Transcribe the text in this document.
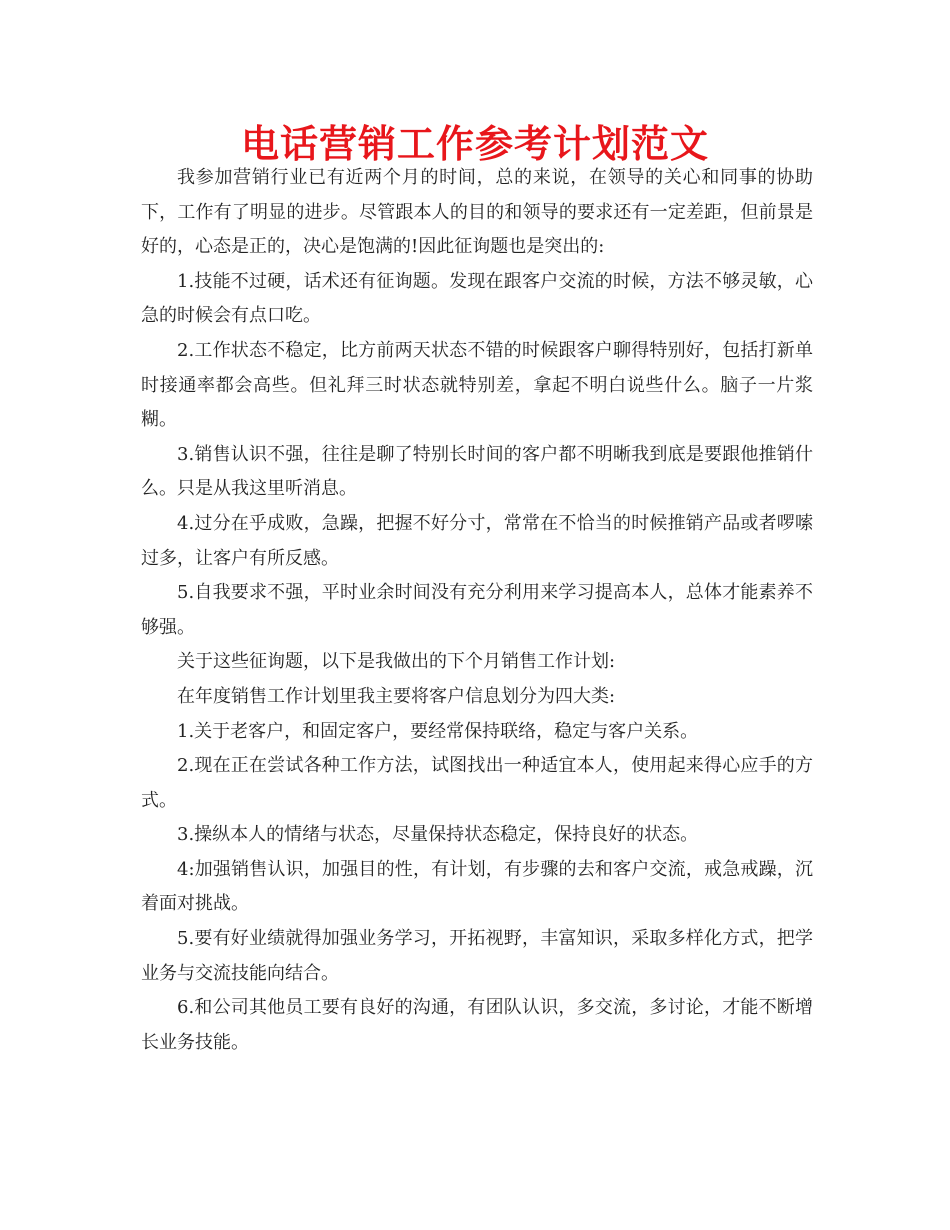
电话营销工作参考计划范文

我参加营销行业已有近两个月的时间，总的来说，在领导的关心和同事的协助下，工作有了明显的进步。尽管跟本人的目的和领导的要求还有一定差距，但前景是好的，心态是正的，决心是饱满的!因此征询题也是突出的:

1.技能不过硬，话术还有征询题。发现在跟客户交流的时候，方法不够灵敏，心急的时候会有点口吃。

2.工作状态不稳定，比方前两天状态不错的时候跟客户聊得特别好，包括打新单时接通率都会高些。但礼拜三时状态就特别差，拿起不明白说些什么。脑子一片浆糊。

3.销售认识不强，往往是聊了特别长时间的客户都不明晰我到底是要跟他推销什么。只是从我这里听消息。

4.过分在乎成败，急躁，把握不好分寸，常常在不恰当的时候推销产品或者啰嗦过多，让客户有所反感。

5.自我要求不强，平时业余时间没有充分利用来学习提高本人，总体才能素养不够强。

关于这些征询题，以下是我做出的下个月销售工作计划:

在年度销售工作计划里我主要将客户信息划分为四大类:

1.关于老客户，和固定客户，要经常保持联络，稳定与客户关系。

2.现在正在尝试各种工作方法，试图找出一种适宜本人，使用起来得心应手的方式。

3.操纵本人的情绪与状态，尽量保持状态稳定，保持良好的状态。

4:加强销售认识，加强目的性，有计划，有步骤的去和客户交流，戒急戒躁，沉着面对挑战。

5.要有好业绩就得加强业务学习，开拓视野，丰富知识，采取多样化方式，把学业务与交流技能向结合。

6.和公司其他员工要有良好的沟通，有团队认识，多交流，多讨论，才能不断增长业务技能。
